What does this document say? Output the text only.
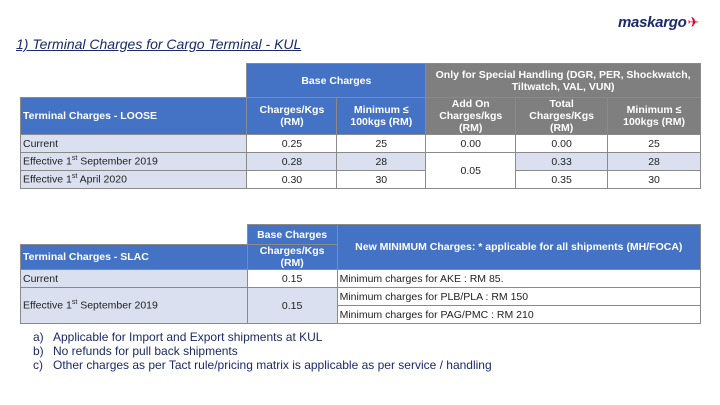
maskargo✈
1) Terminal Charges for Cargo Terminal - KUL
	Base Charges		Only for Special Handling (DGR, PER, Shockwatch, Tiltwatch, VAL, VUN)		
Terminal Charges - LOOSE	Charges/Kgs (RM)	Minimum ≤ 100kgs (RM)	Add On Charges/kgs (RM)	Total Charges/Kgs (RM)	Minimum ≤ 100kgs (RM)
Current	0.25	25	0.00	0.00	25
Effective 1st September 2019	0.28	28	0.05	0.33	28
Effective 1st April 2020	0.30	30		0.35	30
	Base Charges	New MINIMUM Charges: * applicable for all shipments (MH/FOCA)
Terminal Charges - SLAC	Charges/Kgs (RM)	
Current	0.15	Minimum charges for AKE : RM 85.
Effective 1st September 2019	0.15	Minimum charges for PLB/PLA : RM 150
		Minimum charges for PAG/PMC : RM 210
a) Applicable for Import and Export shipments at KUL
b) No refunds for pull back shipments
c) Other charges as per Tact rule/pricing matrix is applicable as per service / handling
